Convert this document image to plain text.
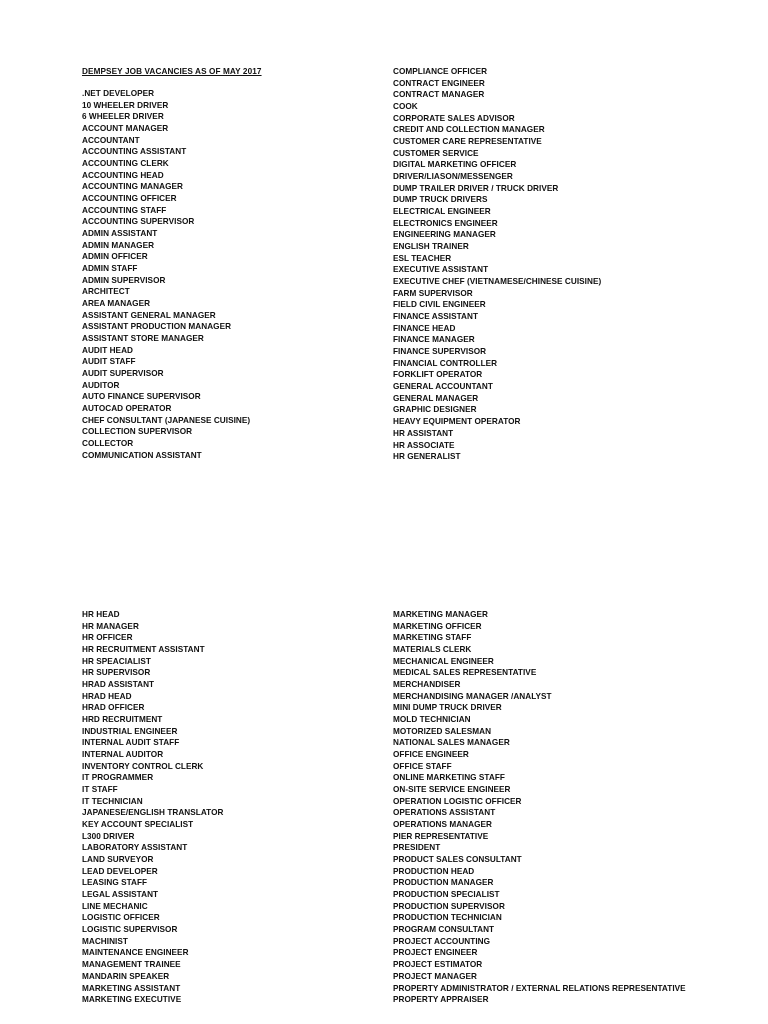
DEMPSEY JOB VACANCIES AS OF MAY 2017
.NET DEVELOPER
10 WHEELER DRIVER
6 WHEELER DRIVER
ACCOUNT MANAGER
ACCOUNTANT
ACCOUNTING ASSISTANT
ACCOUNTING CLERK
ACCOUNTING HEAD
ACCOUNTING MANAGER
ACCOUNTING OFFICER
ACCOUNTING STAFF
ACCOUNTING SUPERVISOR
ADMIN ASSISTANT
ADMIN MANAGER
ADMIN OFFICER
ADMIN STAFF
ADMIN SUPERVISOR
ARCHITECT
AREA MANAGER
ASSISTANT GENERAL MANAGER
ASSISTANT PRODUCTION MANAGER
ASSISTANT STORE MANAGER
AUDIT HEAD
AUDIT STAFF
AUDIT SUPERVISOR
AUDITOR
AUTO FINANCE SUPERVISOR
AUTOCAD OPERATOR
CHEF CONSULTANT (JAPANESE CUISINE)
COLLECTION SUPERVISOR
COLLECTOR
COMMUNICATION ASSISTANT
COMPLIANCE OFFICER
CONTRACT ENGINEER
CONTRACT MANAGER
COOK
CORPORATE SALES ADVISOR
CREDIT AND COLLECTION MANAGER
CUSTOMER CARE REPRESENTATIVE
CUSTOMER SERVICE
DIGITAL MARKETING OFFICER
DRIVER/LIASON/MESSENGER
DUMP TRAILER DRIVER / TRUCK DRIVER
DUMP TRUCK DRIVERS
ELECTRICAL ENGINEER
ELECTRONICS ENGINEER
ENGINEERING MANAGER
ENGLISH TRAINER
ESL TEACHER
EXECUTIVE ASSISTANT
EXECUTIVE CHEF (VIETNAMESE/CHINESE CUISINE)
FARM SUPERVISOR
FIELD CIVIL ENGINEER
FINANCE ASSISTANT
FINANCE HEAD
FINANCE MANAGER
FINANCE SUPERVISOR
FINANCIAL CONTROLLER
FORKLIFT OPERATOR
GENERAL ACCOUNTANT
GENERAL MANAGER
GRAPHIC DESIGNER
HEAVY EQUIPMENT OPERATOR
HR ASSISTANT
HR ASSOCIATE
HR GENERALIST
HR HEAD
HR MANAGER
HR OFFICER
HR RECRUITMENT ASSISTANT
HR SPEACIALIST
HR SUPERVISOR
HRAD ASSISTANT
HRAD HEAD
HRAD OFFICER
HRD RECRUITMENT
INDUSTRIAL ENGINEER
INTERNAL AUDIT STAFF
INTERNAL AUDITOR
INVENTORY CONTROL CLERK
IT PROGRAMMER
IT STAFF
IT TECHNICIAN
JAPANESE/ENGLISH TRANSLATOR
KEY ACCOUNT SPECIALIST
L300 DRIVER
LABORATORY ASSISTANT
LAND SURVEYOR
LEAD DEVELOPER
LEASING STAFF
LEGAL ASSISTANT
LINE MECHANIC
LOGISTIC OFFICER
LOGISTIC SUPERVISOR
MACHINIST
MAINTENANCE ENGINEER
MANAGEMENT TRAINEE
MANDARIN SPEAKER
MARKETING ASSISTANT
MARKETING EXECUTIVE
MARKETING MANAGER
MARKETING OFFICER
MARKETING STAFF
MATERIALS CLERK
MECHANICAL ENGINEER
MEDICAL SALES REPRESENTATIVE
MERCHANDISER
MERCHANDISING MANAGER /ANALYST
MINI DUMP TRUCK DRIVER
MOLD TECHNICIAN
MOTORIZED SALESMAN
NATIONAL SALES MANAGER
OFFICE ENGINEER
OFFICE STAFF
ONLINE MARKETING STAFF
ON-SITE SERVICE ENGINEER
OPERATION LOGISTIC OFFICER
OPERATIONS ASSISTANT
OPERATIONS MANAGER
PIER REPRESENTATIVE
PRESIDENT
PRODUCT SALES CONSULTANT
PRODUCTION HEAD
PRODUCTION MANAGER
PRODUCTION SPECIALIST
PRODUCTION SUPERVISOR
PRODUCTION TECHNICIAN
PROGRAM CONSULTANT
PROJECT ACCOUNTING
PROJECT ENGINEER
PROJECT ESTIMATOR
PROJECT MANAGER
PROPERTY ADMINISTRATOR / EXTERNAL RELATIONS REPRESENTATIVE
PROPERTY APPRAISER
